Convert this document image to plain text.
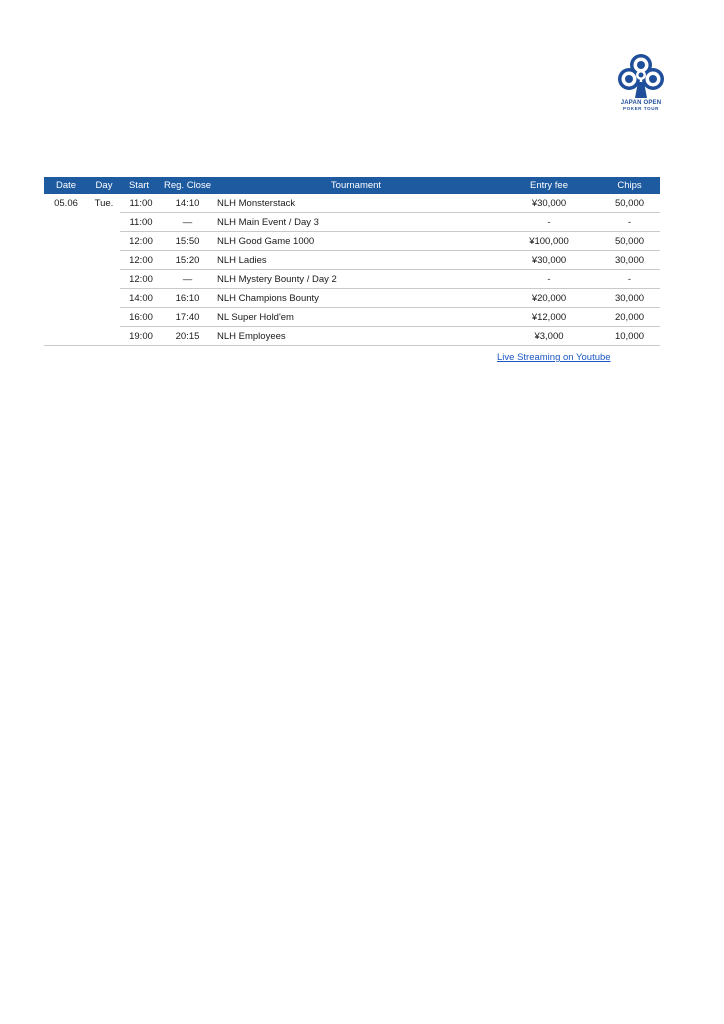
JAPAN OPEN
POKER TOUR
Date	Day	Start	Reg. Close	Tournament	Entry fee	Chips
05.06	Tue.	11:00	14:10	NLH Monsterstack	¥30,000	50,000
		11:00	—	NLH Main Event / Day 3	-	-
		12:00	15:50	NLH Good Game 1000	¥100,000	50,000
		12:00	15:20	NLH Ladies	¥30,000	30,000
		12:00	—	NLH Mystery Bounty / Day 2	-	-
		14:00	16:10	NLH Champions Bounty	¥20,000	30,000
		16:00	17:40	NL Super Hold'em	¥12,000	20,000
		19:00	20:15	NLH Employees	¥3,000	10,000
Live Streaming on Youtube
